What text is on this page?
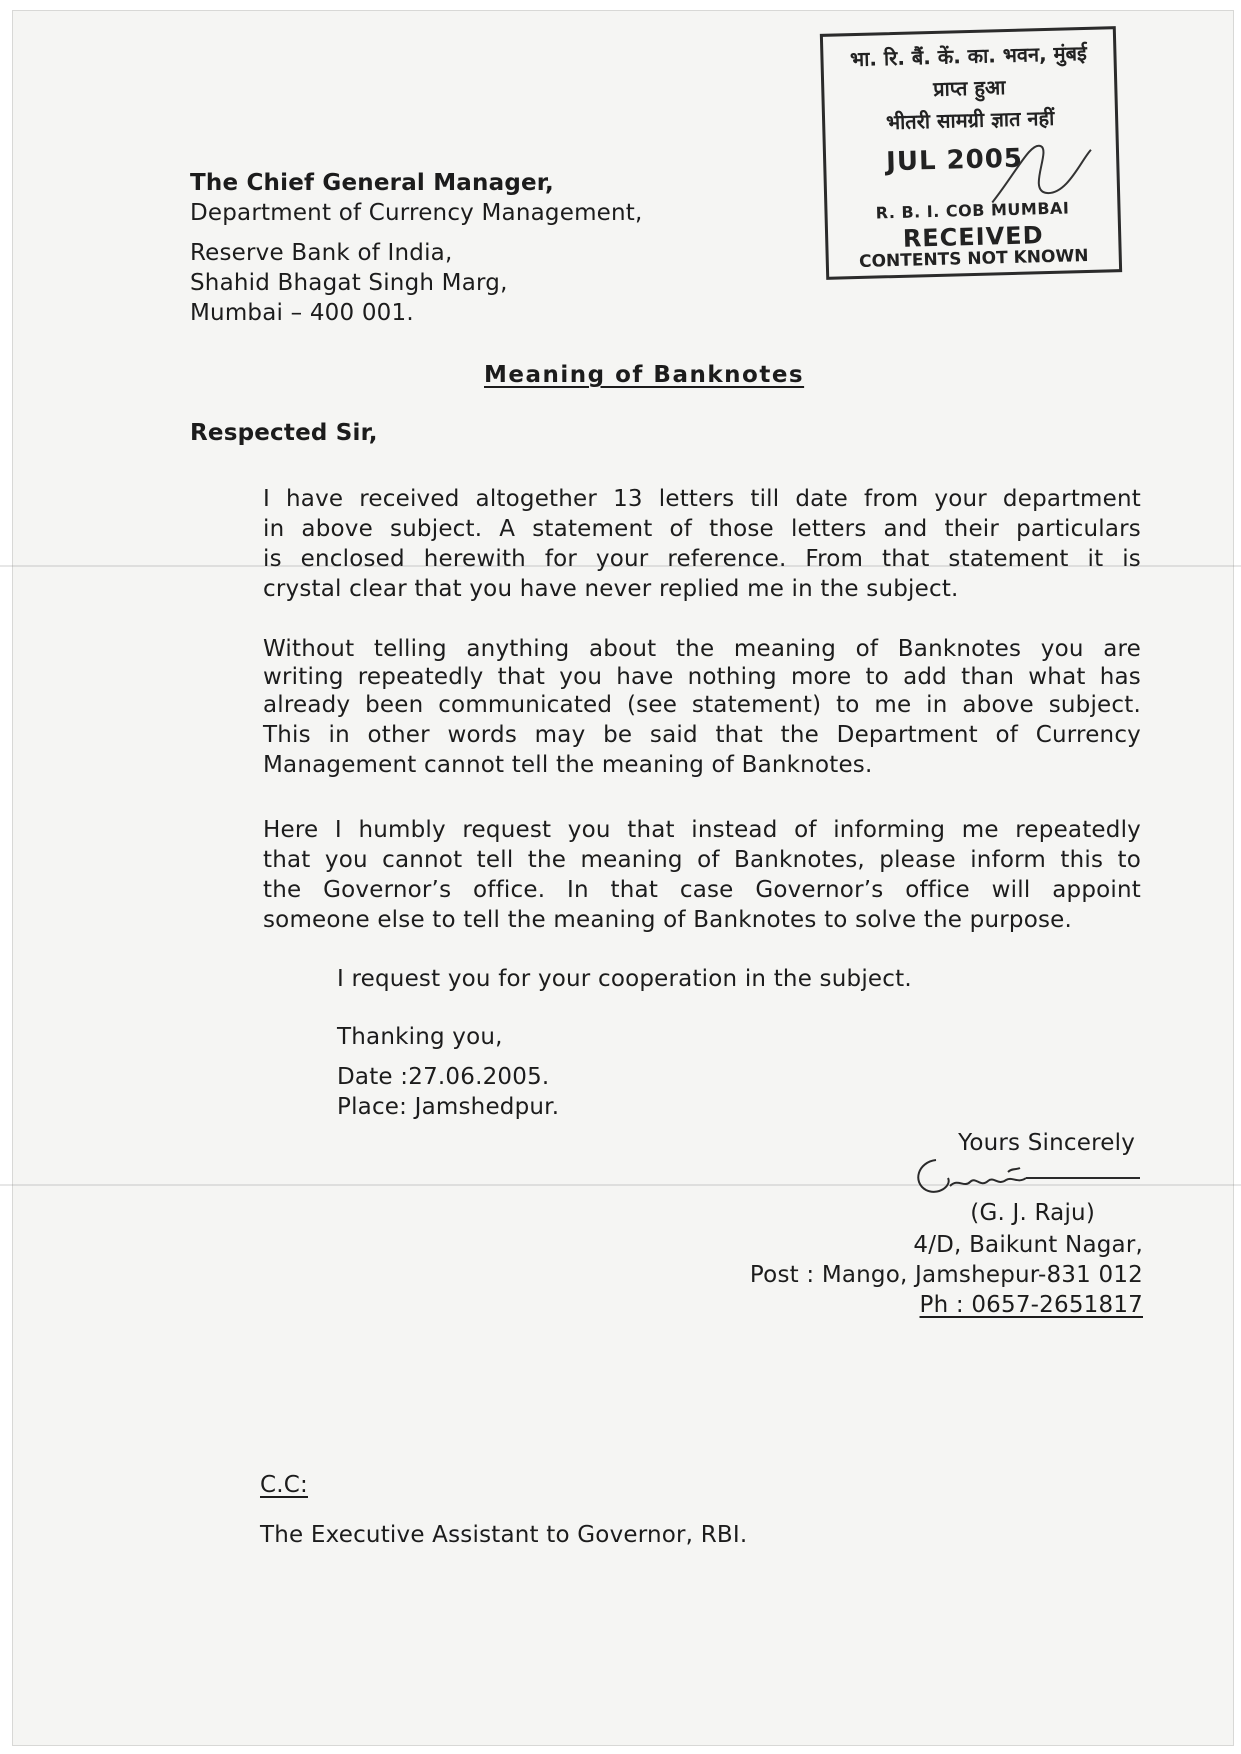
The Chief General Manager,
Department of Currency Management,
Reserve Bank of India,
Shahid Bhagat Singh Marg,
Mumbai – 400 001.
भा. रि. बैं. कें. का. भवन, मुंबई
प्राप्त हुआ
भीतरी सामग्री ज्ञात नहीं
JUL 2005
R. B. I. COB MUMBAI
RECEIVED
CONTENTS NOT KNOWN
Meaning of Banknotes
Respected Sir,
I have received altogether 13 letters till date from your department
in above subject. A statement of those letters and their particulars
is enclosed herewith for your reference. From that statement it is
crystal clear that you have never replied me in the subject.
Without telling anything about the meaning of Banknotes you are
writing repeatedly that you have nothing more to add than what has
already been communicated (see statement) to me in above subject.
This in other words may be said that the Department of Currency
Management cannot tell the meaning of Banknotes.
Here I humbly request you that instead of informing me repeatedly
that you cannot tell the meaning of Banknotes, please inform this to
the Governor’s office. In that case Governor’s office will appoint
someone else to tell the meaning of Banknotes to solve the purpose.
I request you for your cooperation in the subject.
Thanking you,
Date :27.06.2005.
Place: Jamshedpur.
Yours Sincerely
(G. J. Raju)
4/D, Baikunt Nagar,
Post : Mango, Jamshepur-831 012
Ph : 0657-2651817
C.C:
The Executive Assistant to Governor, RBI.
